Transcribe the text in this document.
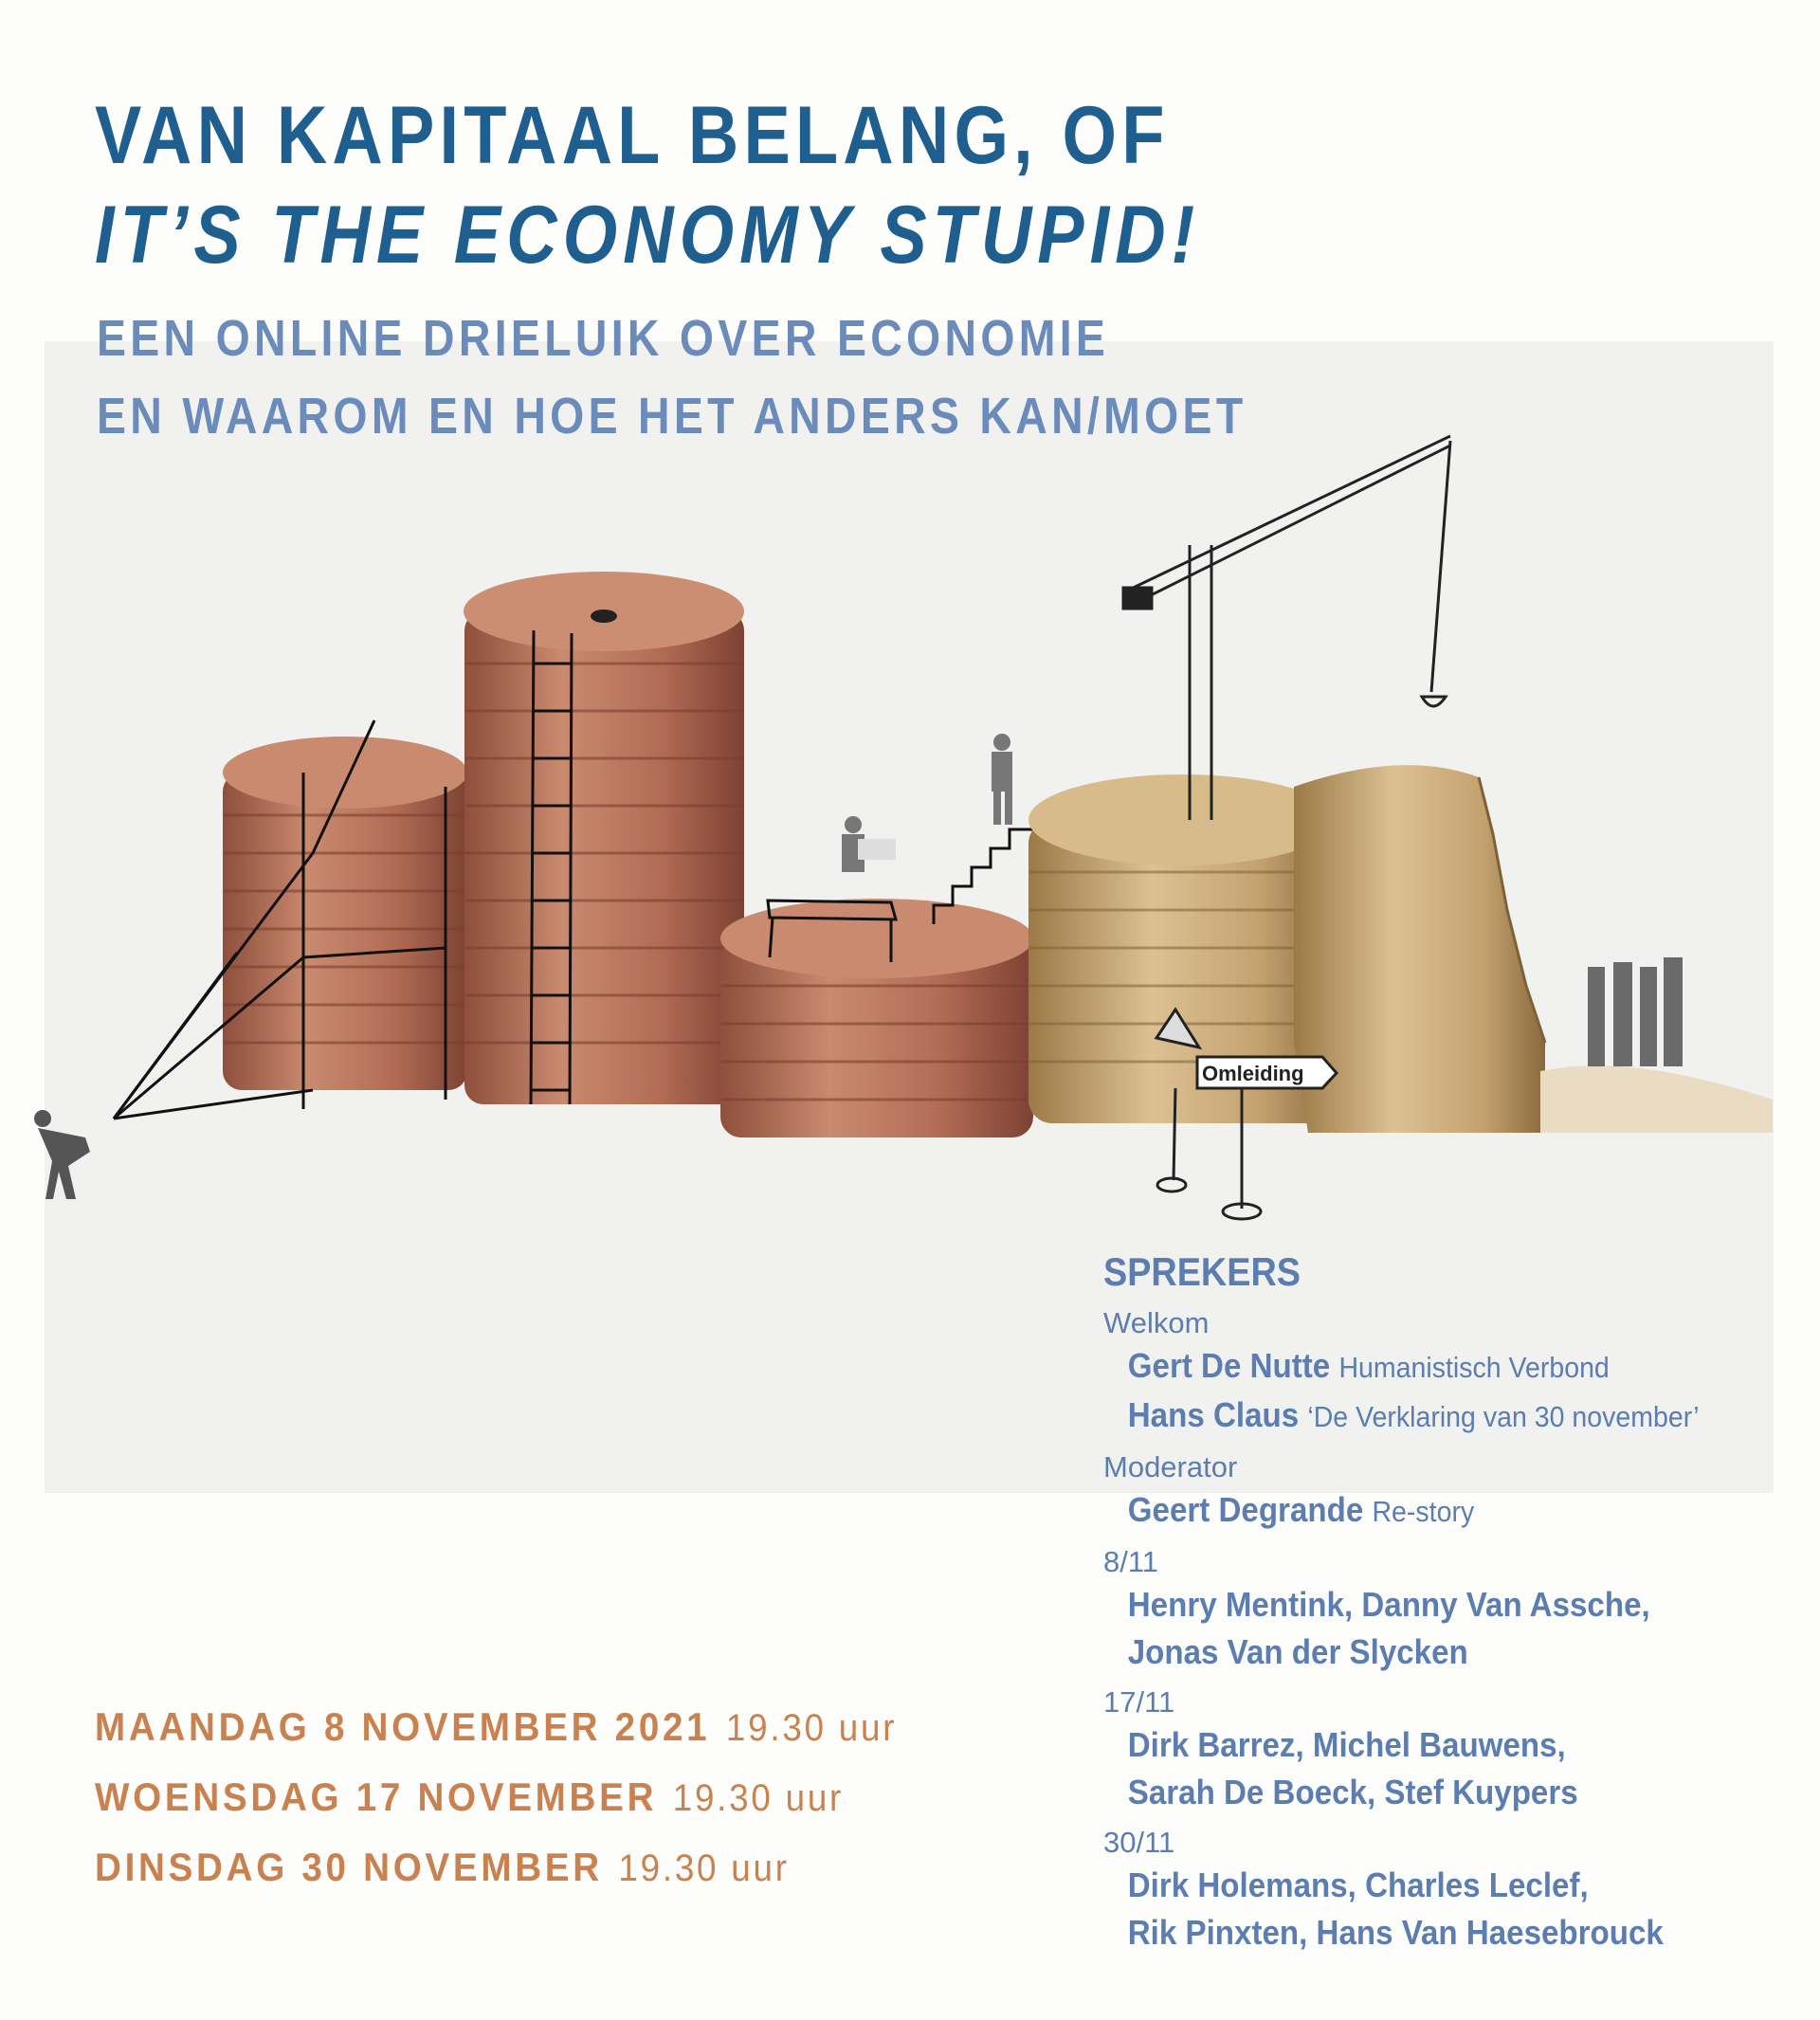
Omleiding
VAN KAPITAAL BELANG, OF
IT’S THE ECONOMY STUPID!
EEN ONLINE DRIELUIK OVER ECONOMIE
EN WAAROM EN HOE HET ANDERS KAN/MOET
SPREKERS
Welkom
Gert De Nutte Humanistisch Verbond
Hans Claus ‘De Verklaring van 30 november’
Moderator
Geert Degrande Re-story
8/11
Henry Mentink, Danny Van Assche,
Jonas Van der Slycken
17/11
Dirk Barrez, Michel Bauwens,
Sarah De Boeck, Stef Kuypers
30/11
Dirk Holemans, Charles Leclef,
Rik Pinxten, Hans Van Haesebrouck
MAANDAG 8 NOVEMBER 2021 19.30 uur
WOENSDAG 17 NOVEMBER 19.30 uur
DINSDAG 30 NOVEMBER 19.30 uur
